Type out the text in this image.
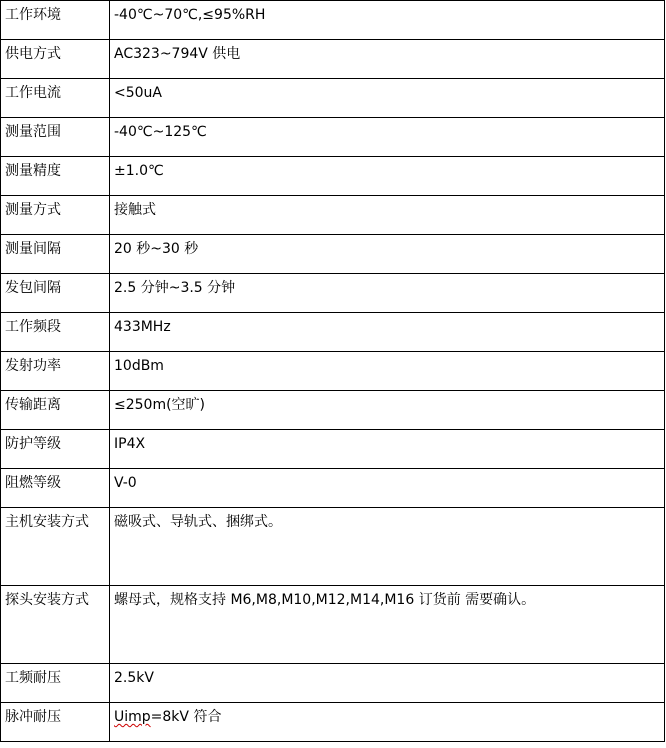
工作环境	-40℃~70℃,≤95%RH
供电方式	AC323~794V 供电
工作电流	<50uA
测量范围	-40℃~125℃
测量精度	±1.0℃
测量方式	接触式
测量间隔	20 秒~30 秒
发包间隔	2.5 分钟~3.5 分钟
工作频段	433MHz
发射功率	10dBm
传输距离	≤250m(空旷)
防护等级	IP4X
阻燃等级	V-0
主机安装方式	磁吸式、导轨式、捆绑式。
探头安装方式	螺母式，规格支持 M6,M8,M10,M12,M14,M16 订货前 需要确认。
工频耐压	2.5kV
脉冲耐压	Uimp=8kV 符合
